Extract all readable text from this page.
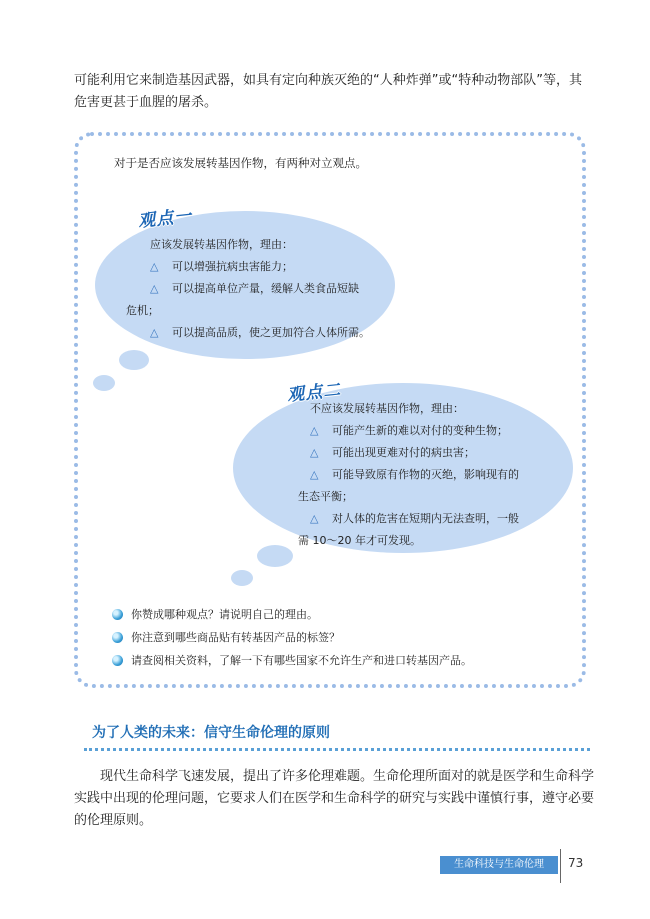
可能利用它来制造基因武器，如具有定向种族灭绝的“人种炸弹”或“特种动物部队”等，其危害更甚于血腥的屠杀。
对于是否应该发展转基因作物，有两种对立观点。
观点一
应该发展转基因作物，理由：
△ 可以增强抗病虫害能力；
△ 可以提高单位产量，缓解人类食品短缺
危机；
△ 可以提高品质，使之更加符合人体所需。
观点二
不应该发展转基因作物，理由：
△ 可能产生新的难以对付的变种生物；
△ 可能出现更难对付的病虫害；
△ 可能导致原有作物的灭绝，影响现有的
生态平衡；
△ 对人体的危害在短期内无法查明，一般
需 10～20 年才可发现。
你赞成哪种观点？请说明自己的理由。
你注意到哪些商品贴有转基因产品的标签？
请查阅相关资料，了解一下有哪些国家不允许生产和进口转基因产品。
为了人类的未来：信守生命伦理的原则
现代生命科学飞速发展，提出了许多伦理难题。生命伦理所面对的就是医学和生命科学实践中出现的伦理问题，它要求人们在医学和生命科学的研究与实践中谨慎行事，遵守必要的伦理原则。
生命科技与生命伦理	73
